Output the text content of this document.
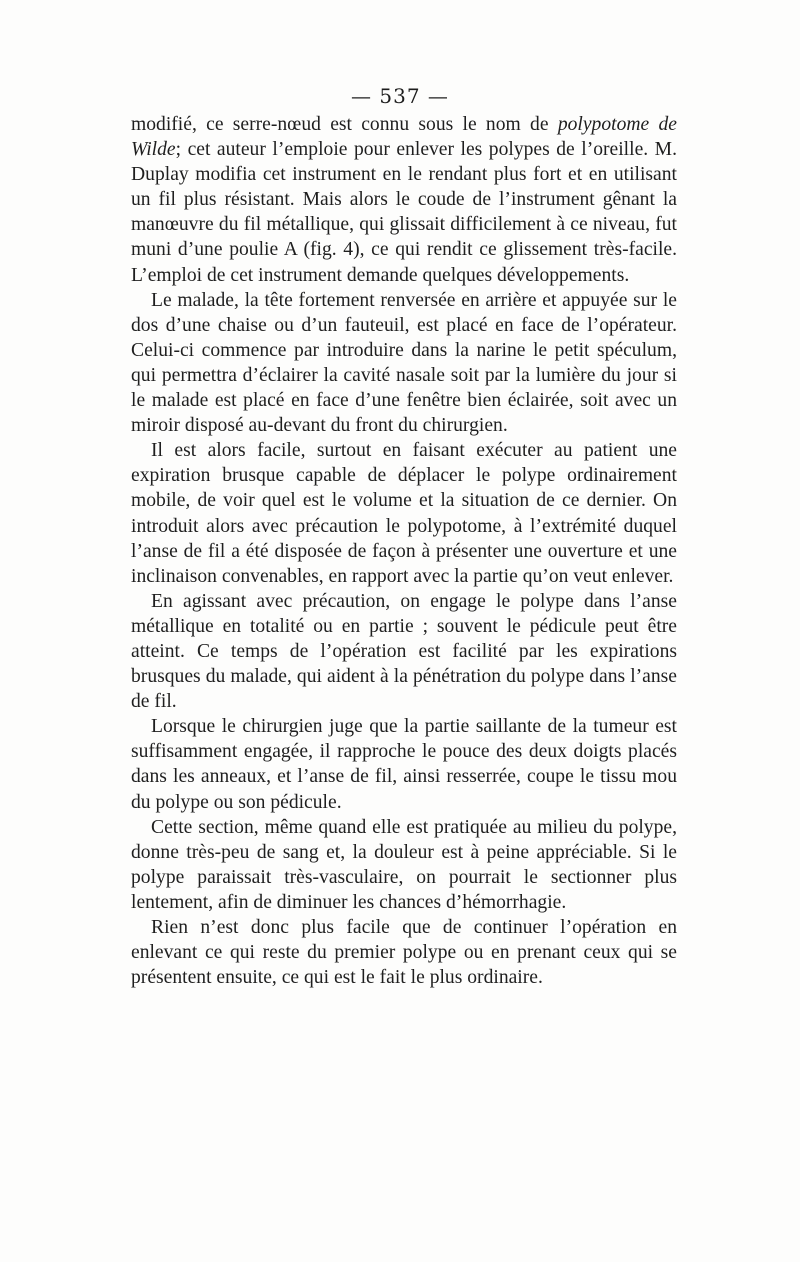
— 537 —

modifié, ce serre-nœud est connu sous le nom de polypotome de Wilde; cet auteur l’emploie pour enlever les polypes de l’oreille. M. Duplay modifia cet instrument en le rendant plus fort et en utilisant un fil plus résistant. Mais alors le coude de l’instrument gênant la manœuvre du fil métallique, qui glissait difficilement à ce niveau, fut muni d’une poulie A (fig. 4), ce qui rendit ce glissement très-facile. L’emploi de cet instrument demande quelques développements.

Le malade, la tête fortement renversée en arrière et appuyée sur le dos d’une chaise ou d’un fauteuil, est placé en face de l’opérateur. Celui-ci commence par introduire dans la narine le petit spéculum, qui permettra d’éclairer la cavité nasale soit par la lumière du jour si le malade est placé en face d’une fenêtre bien éclairée, soit avec un miroir disposé au-devant du front du chirurgien.

Il est alors facile, surtout en faisant exécuter au patient une expiration brusque capable de déplacer le polype ordinairement mobile, de voir quel est le volume et la situation de ce dernier. On introduit alors avec précaution le polypotome, à l’extrémité duquel l’anse de fil a été disposée de façon à présenter une ouverture et une inclinaison convenables, en rapport avec la partie qu’on veut enlever.

En agissant avec précaution, on engage le polype dans l’anse métallique en totalité ou en partie ; souvent le pédicule peut être atteint. Ce temps de l’opération est facilité par les expirations brusques du malade, qui aident à la pénétration du polype dans l’anse de fil.

Lorsque le chirurgien juge que la partie saillante de la tumeur est suffisamment engagée, il rapproche le pouce des deux doigts placés dans les anneaux, et l’anse de fil, ainsi resserrée, coupe le tissu mou du polype ou son pédicule.

Cette section, même quand elle est pratiquée au milieu du polype, donne très-peu de sang et, la douleur est à peine appréciable. Si le polype paraissait très-vasculaire, on pourrait le sectionner plus lentement, afin de diminuer les chances d’hémorrhagie.

Rien n’est donc plus facile que de continuer l’opération en enlevant ce qui reste du premier polype ou en prenant ceux qui se présentent ensuite, ce qui est le fait le plus ordinaire.
